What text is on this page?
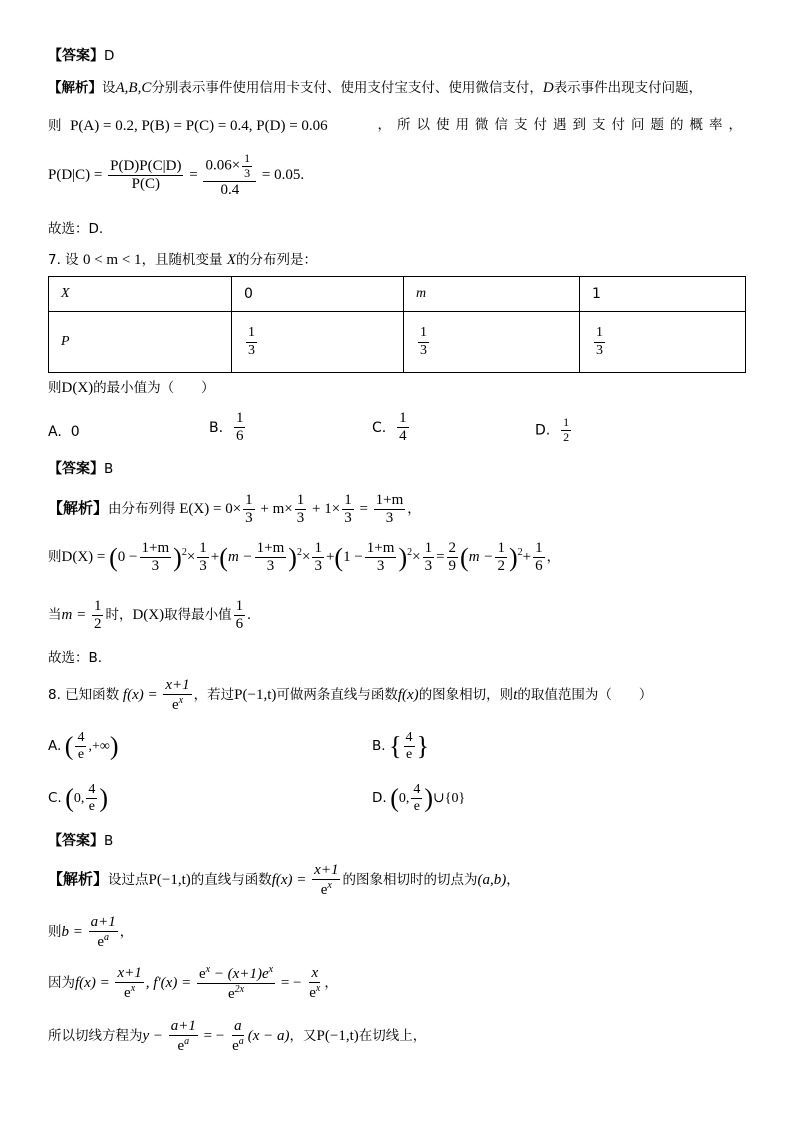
【答案】D
【解析】设A,B,C分别表示事件使用信用卡支付、使用支付宝支付、使用微信支付，D表示事件出现支付问题，
则 P(A) = 0.2, P(B) = P(C) = 0.4, P(D) = 0.06	，所以使用微信支付遇到支付问题的概率，
$P(D|C) = \frac{P(D)P(C|D)}{P(C)} = \frac{0.06\times \frac{1}{3}}{0.4} = 0.05$.
故选：D.
7. 设 0 < m < 1，且随机变量 X的分布列是：
X	0	m	1
P	$\frac{1}{3}$	$\frac{1}{3}$	$\frac{1}{3}$
则D(X)的最小值为（　　）
A. 0	B. $\frac{1}{6}$	C. $\frac{1}{4}$	D. $\frac{1}{2}$
【答案】B
【解析】由分布列得 $E(X) = 0\times \frac{1}{3} + m\times \frac{1}{3} + 1\times \frac{1}{3} = \frac{1+m}{3}$ ，
则$D(X) = (0 - \frac{1+m}{3} )^2\times \frac{1}{3} +(m - \frac{1+m}{3} )^2\times \frac{1}{3} +(1 - \frac{1+m}{3} )^2\times \frac{1}{3} = \frac{2}{9} (m - \frac{1}{2} )^2+ \frac{1}{6}$ ，
当$m = \frac{1}{2}$ 时，D(X)取得最小值 $\frac{1}{6}$ .
故选：B.
8. 已知函数 $f(x) = \frac{x+1}{e^x}$ ，若过P(−1,t)可做两条直线与函数f(x)的图象相切，则t的取值范围为（　　）
A. ( $\frac{4}{e}$ ,+∞)	B. { $\frac{4}{e}$ }
C. (0, $\frac{4}{e}$ )	D. (0, $\frac{4}{e}$ )∪{0}
【答案】B
【解析】设过点P(−1,t)的直线与函数$f(x) = \frac{x+1}{e^x}$ 的图象相切时的切点为(a,b)，
则$b = \frac{a+1}{e^a}$ ，
因为$f(x) = \frac{x+1}{e^x}$ , $f'(x) = \frac{e^x - (x+1)e^x}{e^{2x}}$ = − $\frac{x}{e^x}$ ，
所以切线方程为$y - \frac{a+1}{e^a}$ = − $\frac{a}{e^a} (x - a)$，又P(−1,t)在切线上，
